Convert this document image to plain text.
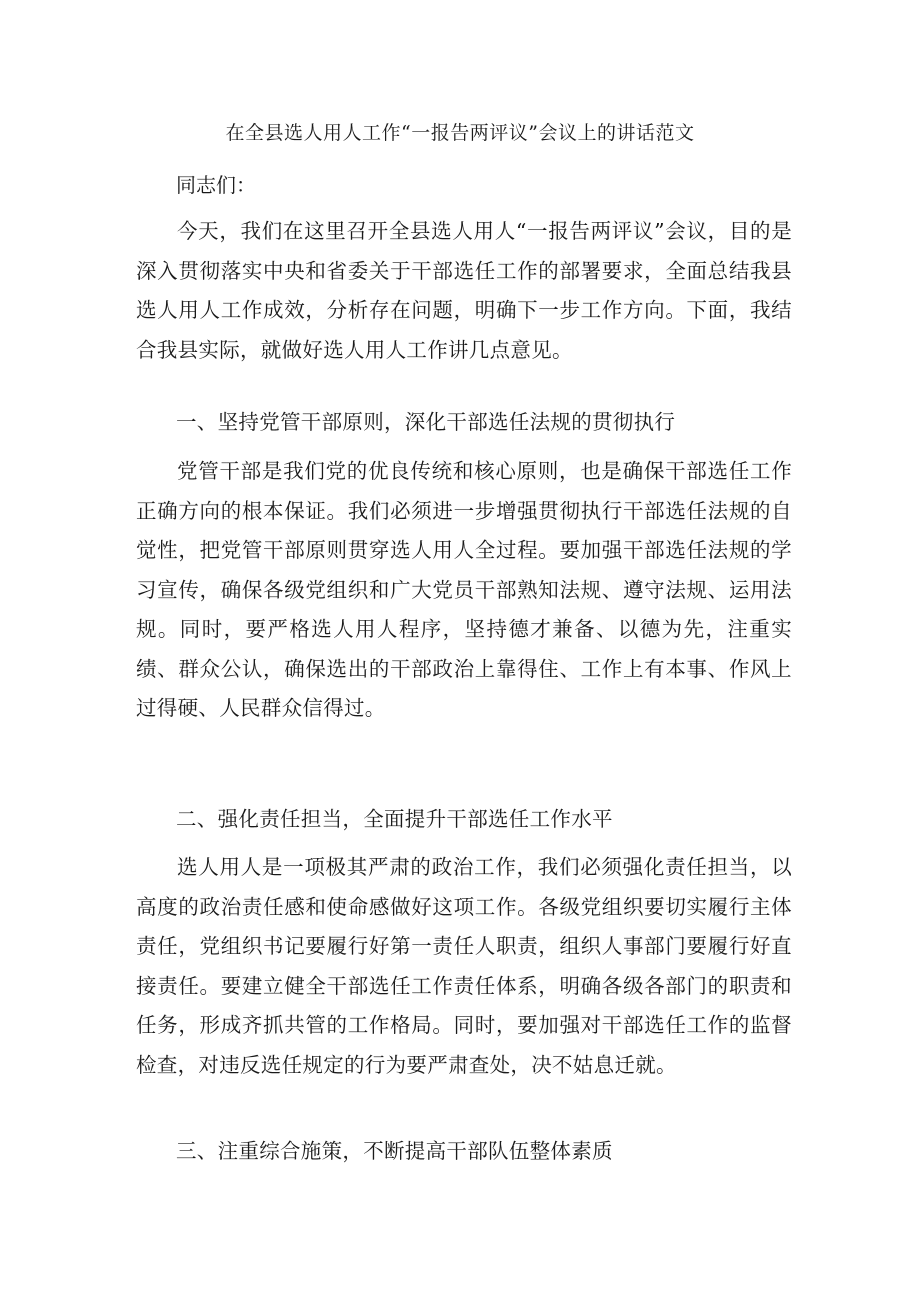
在全县选人用人工作“一报告两评议”会议上的讲话范文
同志们：

今天，我们在这里召开全县选人用人“一报告两评议”会议，目的是深入贯彻落实中央和省委关于干部选任工作的部署要求，全面总结我县选人用人工作成效，分析存在问题，明确下一步工作方向。下面，我结合我县实际，就做好选人用人工作讲几点意见。

一、坚持党管干部原则，深化干部选任法规的贯彻执行

党管干部是我们党的优良传统和核心原则，也是确保干部选任工作正确方向的根本保证。我们必须进一步增强贯彻执行干部选任法规的自觉性，把党管干部原则贯穿选人用人全过程。要加强干部选任法规的学习宣传，确保各级党组织和广大党员干部熟知法规、遵守法规、运用法规。同时，要严格选人用人程序，坚持德才兼备、以德为先，注重实绩、群众公认，确保选出的干部政治上靠得住、工作上有本事、作风上过得硬、人民群众信得过。

二、强化责任担当，全面提升干部选任工作水平

选人用人是一项极其严肃的政治工作，我们必须强化责任担当，以高度的政治责任感和使命感做好这项工作。各级党组织要切实履行主体责任，党组织书记要履行好第一责任人职责，组织人事部门要履行好直接责任。要建立健全干部选任工作责任体系，明确各级各部门的职责和任务，形成齐抓共管的工作格局。同时，要加强对干部选任工作的监督检查，对违反选任规定的行为要严肃查处，决不姑息迁就。

三、注重综合施策，不断提高干部队伍整体素质
